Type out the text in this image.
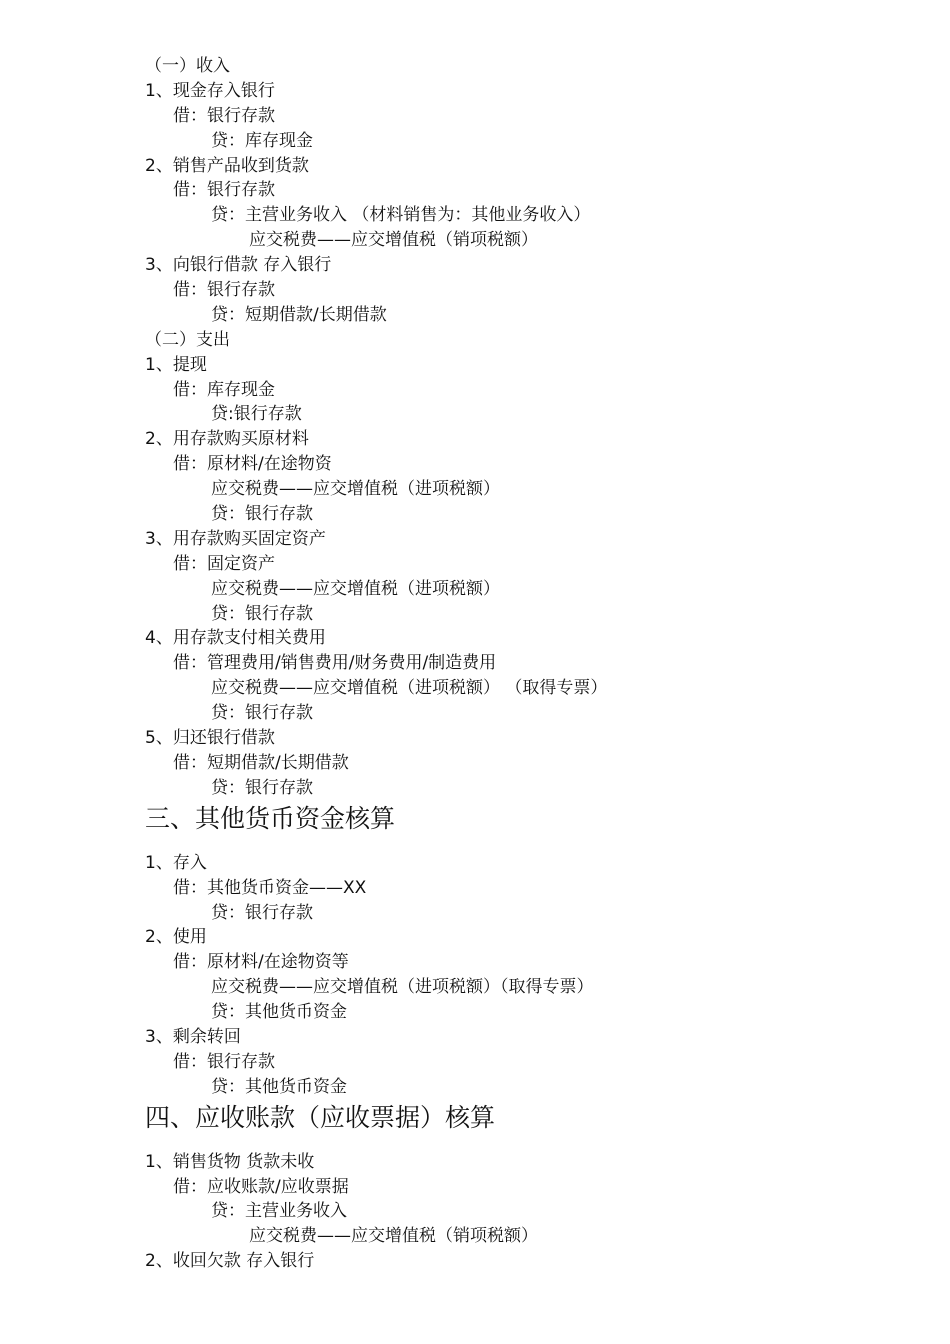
（一）收入
1、现金存入银行
借：银行存款
贷：库存现金
2、销售产品收到货款
借：银行存款
贷：主营业务收入 （材料销售为：其他业务收入）
应交税费——应交增值税（销项税额）
3、向银行借款 存入银行
借：银行存款
贷：短期借款/长期借款
（二）支出
1、提现
借：库存现金
贷:银行存款
2、用存款购买原材料
借：原材料/在途物资
应交税费——应交增值税（进项税额）
贷：银行存款
3、用存款购买固定资产
借：固定资产
应交税费——应交增值税（进项税额）
贷：银行存款
4、用存款支付相关费用
借：管理费用/销售费用/财务费用/制造费用
应交税费——应交增值税（进项税额） （取得专票）
贷：银行存款
5、归还银行借款
借：短期借款/长期借款
贷：银行存款
三、其他货币资金核算
1、存入
借：其他货币资金——XX
贷：银行存款
2、使用
借：原材料/在途物资等
应交税费——应交增值税（进项税额）（取得专票）
贷：其他货币资金
3、剩余转回
借：银行存款
贷：其他货币资金
四、应收账款（应收票据）核算
1、销售货物 货款未收
借：应收账款/应收票据
贷：主营业务收入
应交税费——应交增值税（销项税额）
2、收回欠款 存入银行
